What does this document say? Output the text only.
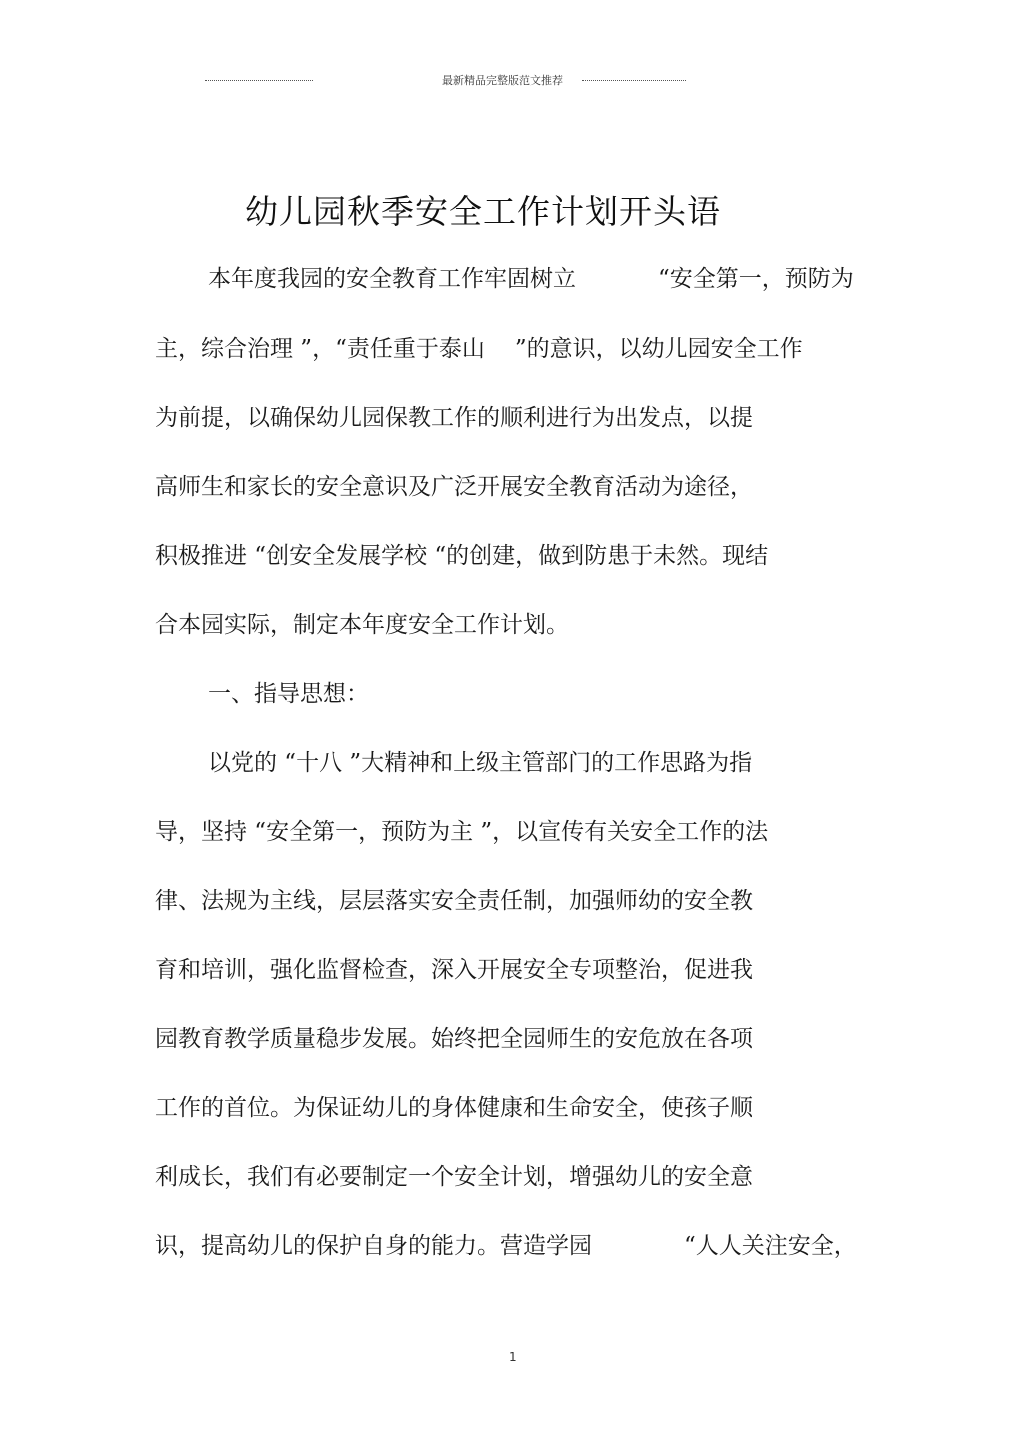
最新精品完整版范文推荐
幼儿园秋季安全工作计划开头语
本年度我园的安全教育工作牢固树立	“安全第一，预防为
主，综合治理 ”，“责任重于泰山 ”的意识，以幼儿园安全工作
为前提，以确保幼儿园保教工作的顺利进行为出发点，以提
高师生和家长的安全意识及广泛开展安全教育活动为途径，
积极推进 “创安全发展学校 “的创建，做到防患于未然。现结
合本园实际，制定本年度安全工作计划。
一、指导思想：
以党的 “十八 ”大精神和上级主管部门的工作思路为指
导，坚持 “安全第一，预防为主 ”，以宣传有关安全工作的法
律、法规为主线，层层落实安全责任制，加强师幼的安全教
育和培训，强化监督检查，深入开展安全专项整治，促进我
园教育教学质量稳步发展。始终把全园师生的安危放在各项
工作的首位。为保证幼儿的身体健康和生命安全，使孩子顺
利成长，我们有必要制定一个安全计划，增强幼儿的安全意
识，提高幼儿的保护自身的能力。营造学园	“人人关注安全，
1
